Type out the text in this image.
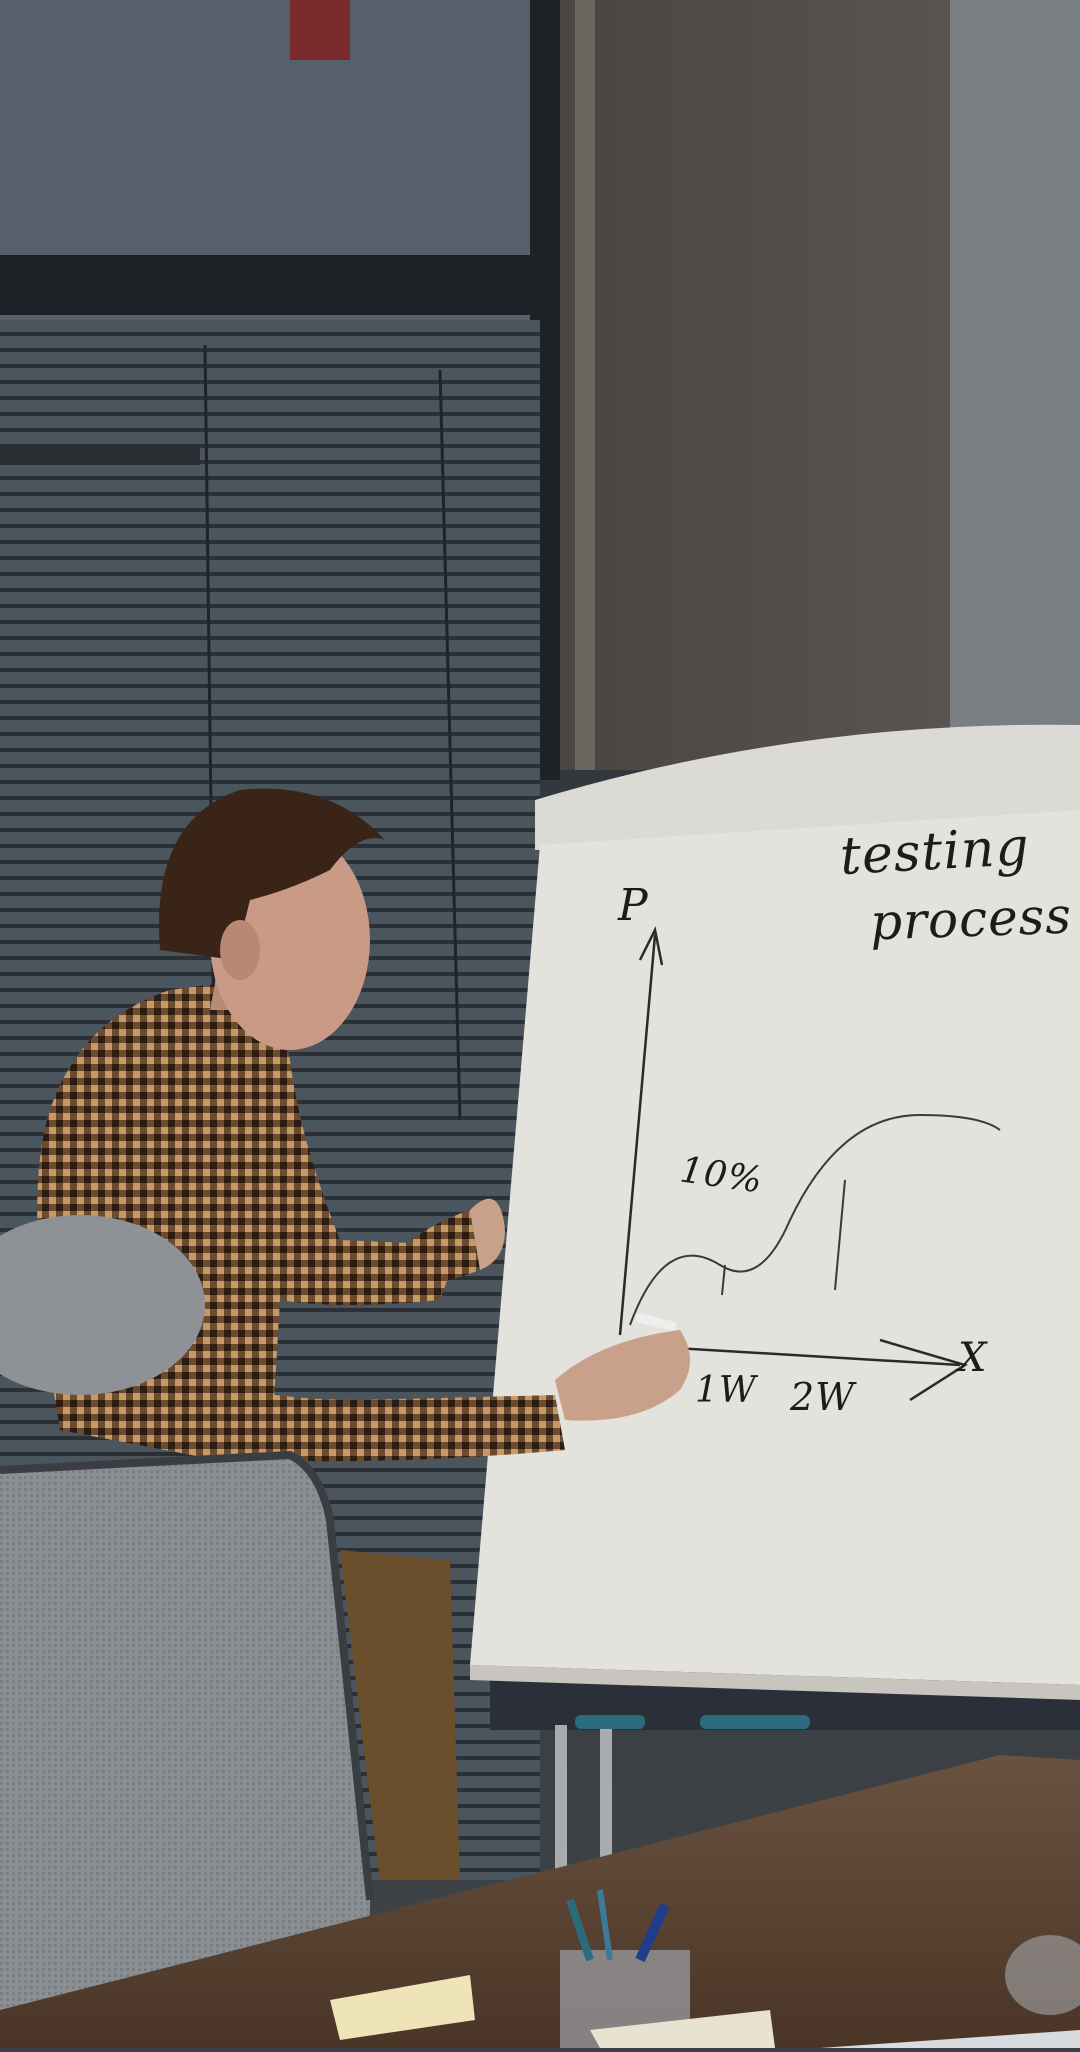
testing
process
P
X
10%
1W 2W
